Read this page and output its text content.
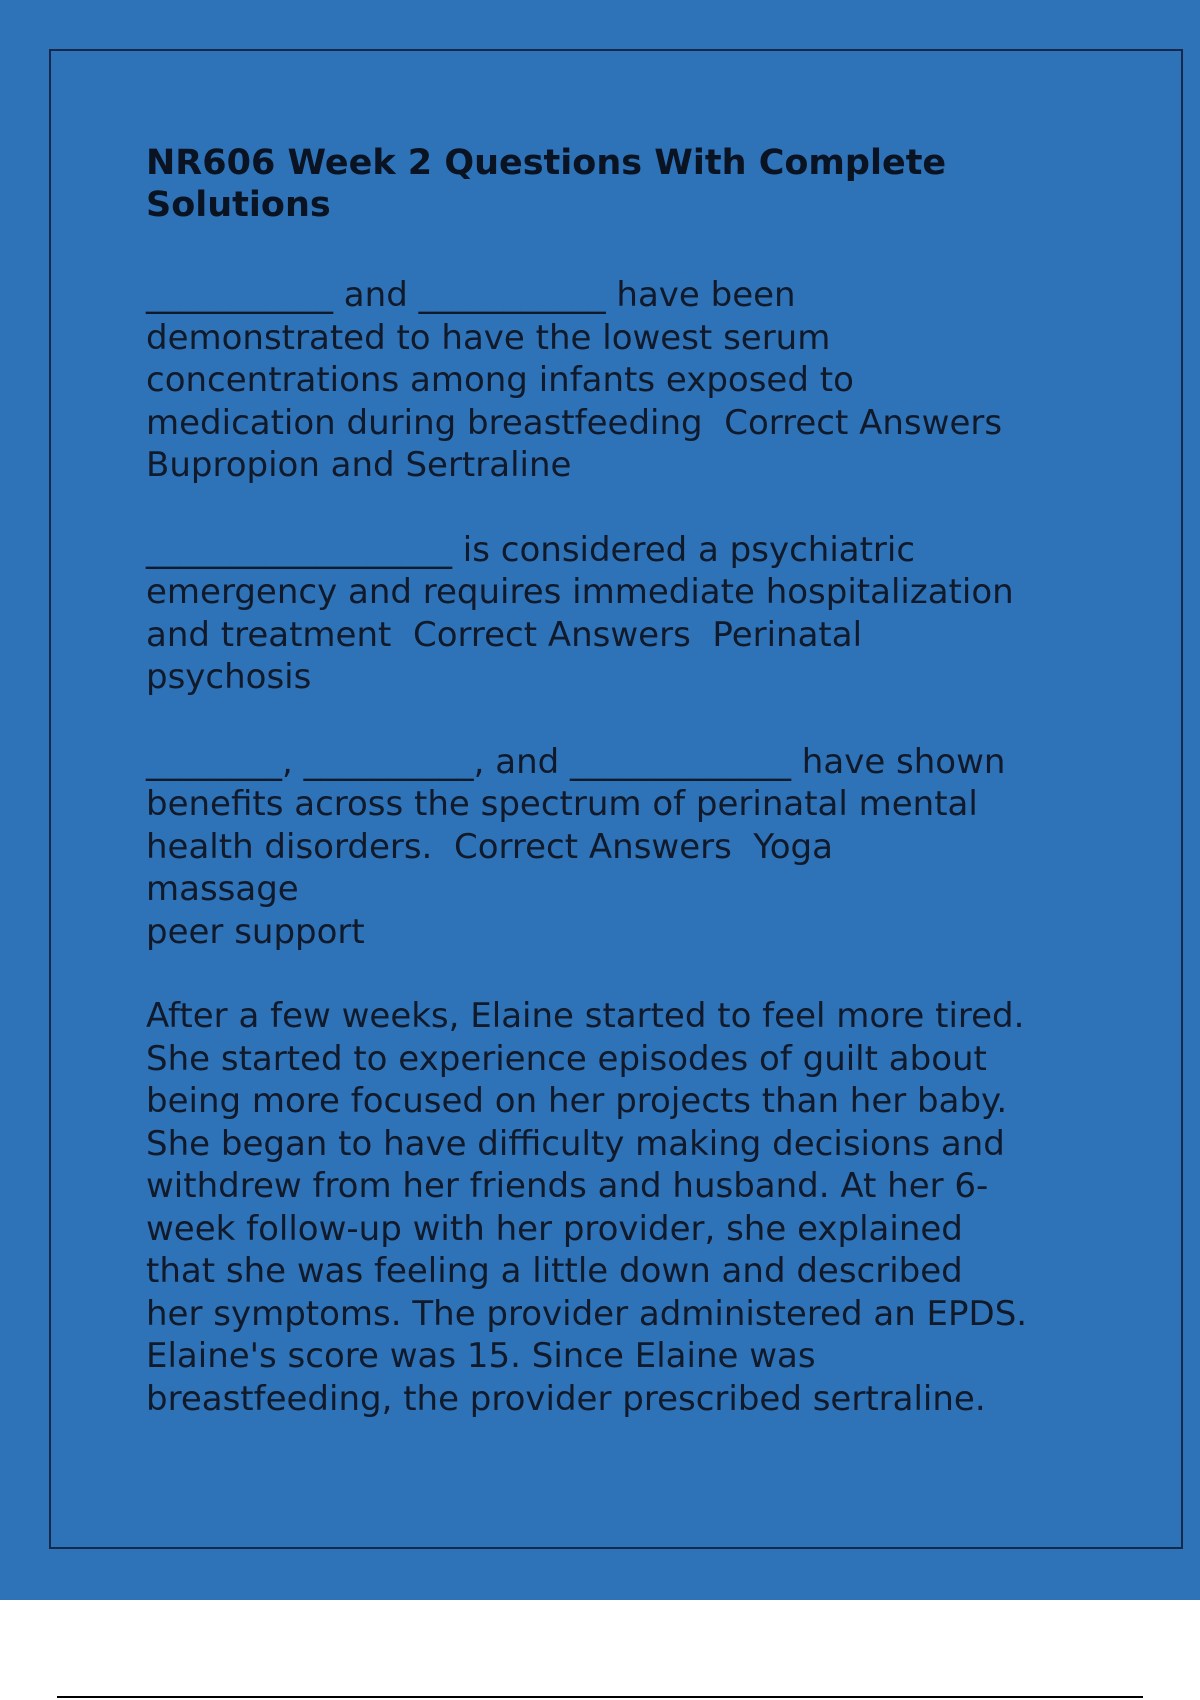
NR606 Week 2 Questions With Complete
Solutions
___________ and ___________ have been
demonstrated to have the lowest serum
concentrations among infants exposed to
medication during breastfeeding  Correct Answers
Bupropion and Sertraline
__________________ is considered a psychiatric
emergency and requires immediate hospitalization
and treatment  Correct Answers  Perinatal
psychosis
________, __________, and _____________ have shown
benefits across the spectrum of perinatal mental
health disorders.  Correct Answers  Yoga
massage
peer support
After a few weeks, Elaine started to feel more tired.
She started to experience episodes of guilt about
being more focused on her projects than her baby.
She began to have difficulty making decisions and
withdrew from her friends and husband. At her 6-
week follow-up with her provider, she explained
that she was feeling a little down and described
her symptoms. The provider administered an EPDS.
Elaine's score was 15. Since Elaine was
breastfeeding, the provider prescribed sertraline.
